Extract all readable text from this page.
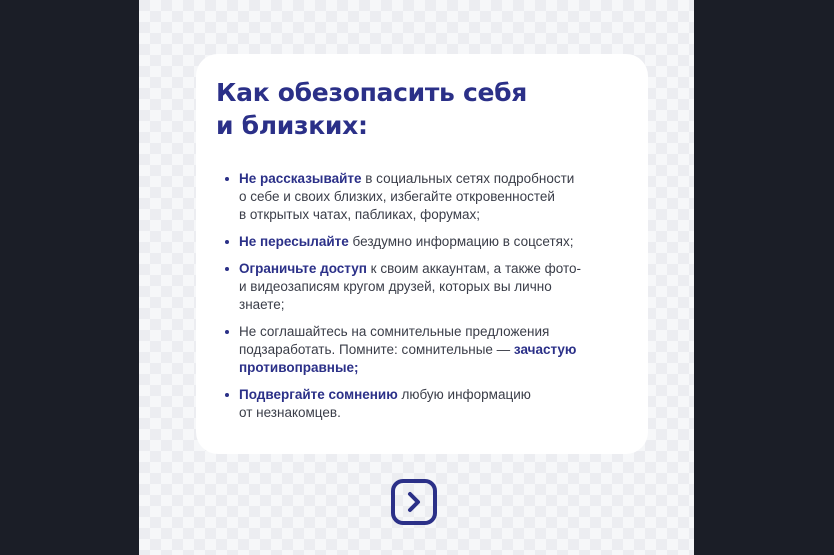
Как обезопасить себя
и близких:
Не рассказывайте в социальных сетях подробности
о себе и своих близких, избегайте откровенностей
в открытых чатах, пабликах, форумах;
Не пересылайте бездумно информацию в соцсетях;
Ограничьте доступ к своим аккаунтам, а также фото-
и видеозаписям кругом друзей, которых вы лично
знаете;
Не соглашайтесь на сомнительные предложения
подзаработать. Помните: сомнительные — зачастую
противоправные;
Подвергайте сомнению любую информацию
от незнакомцев.
